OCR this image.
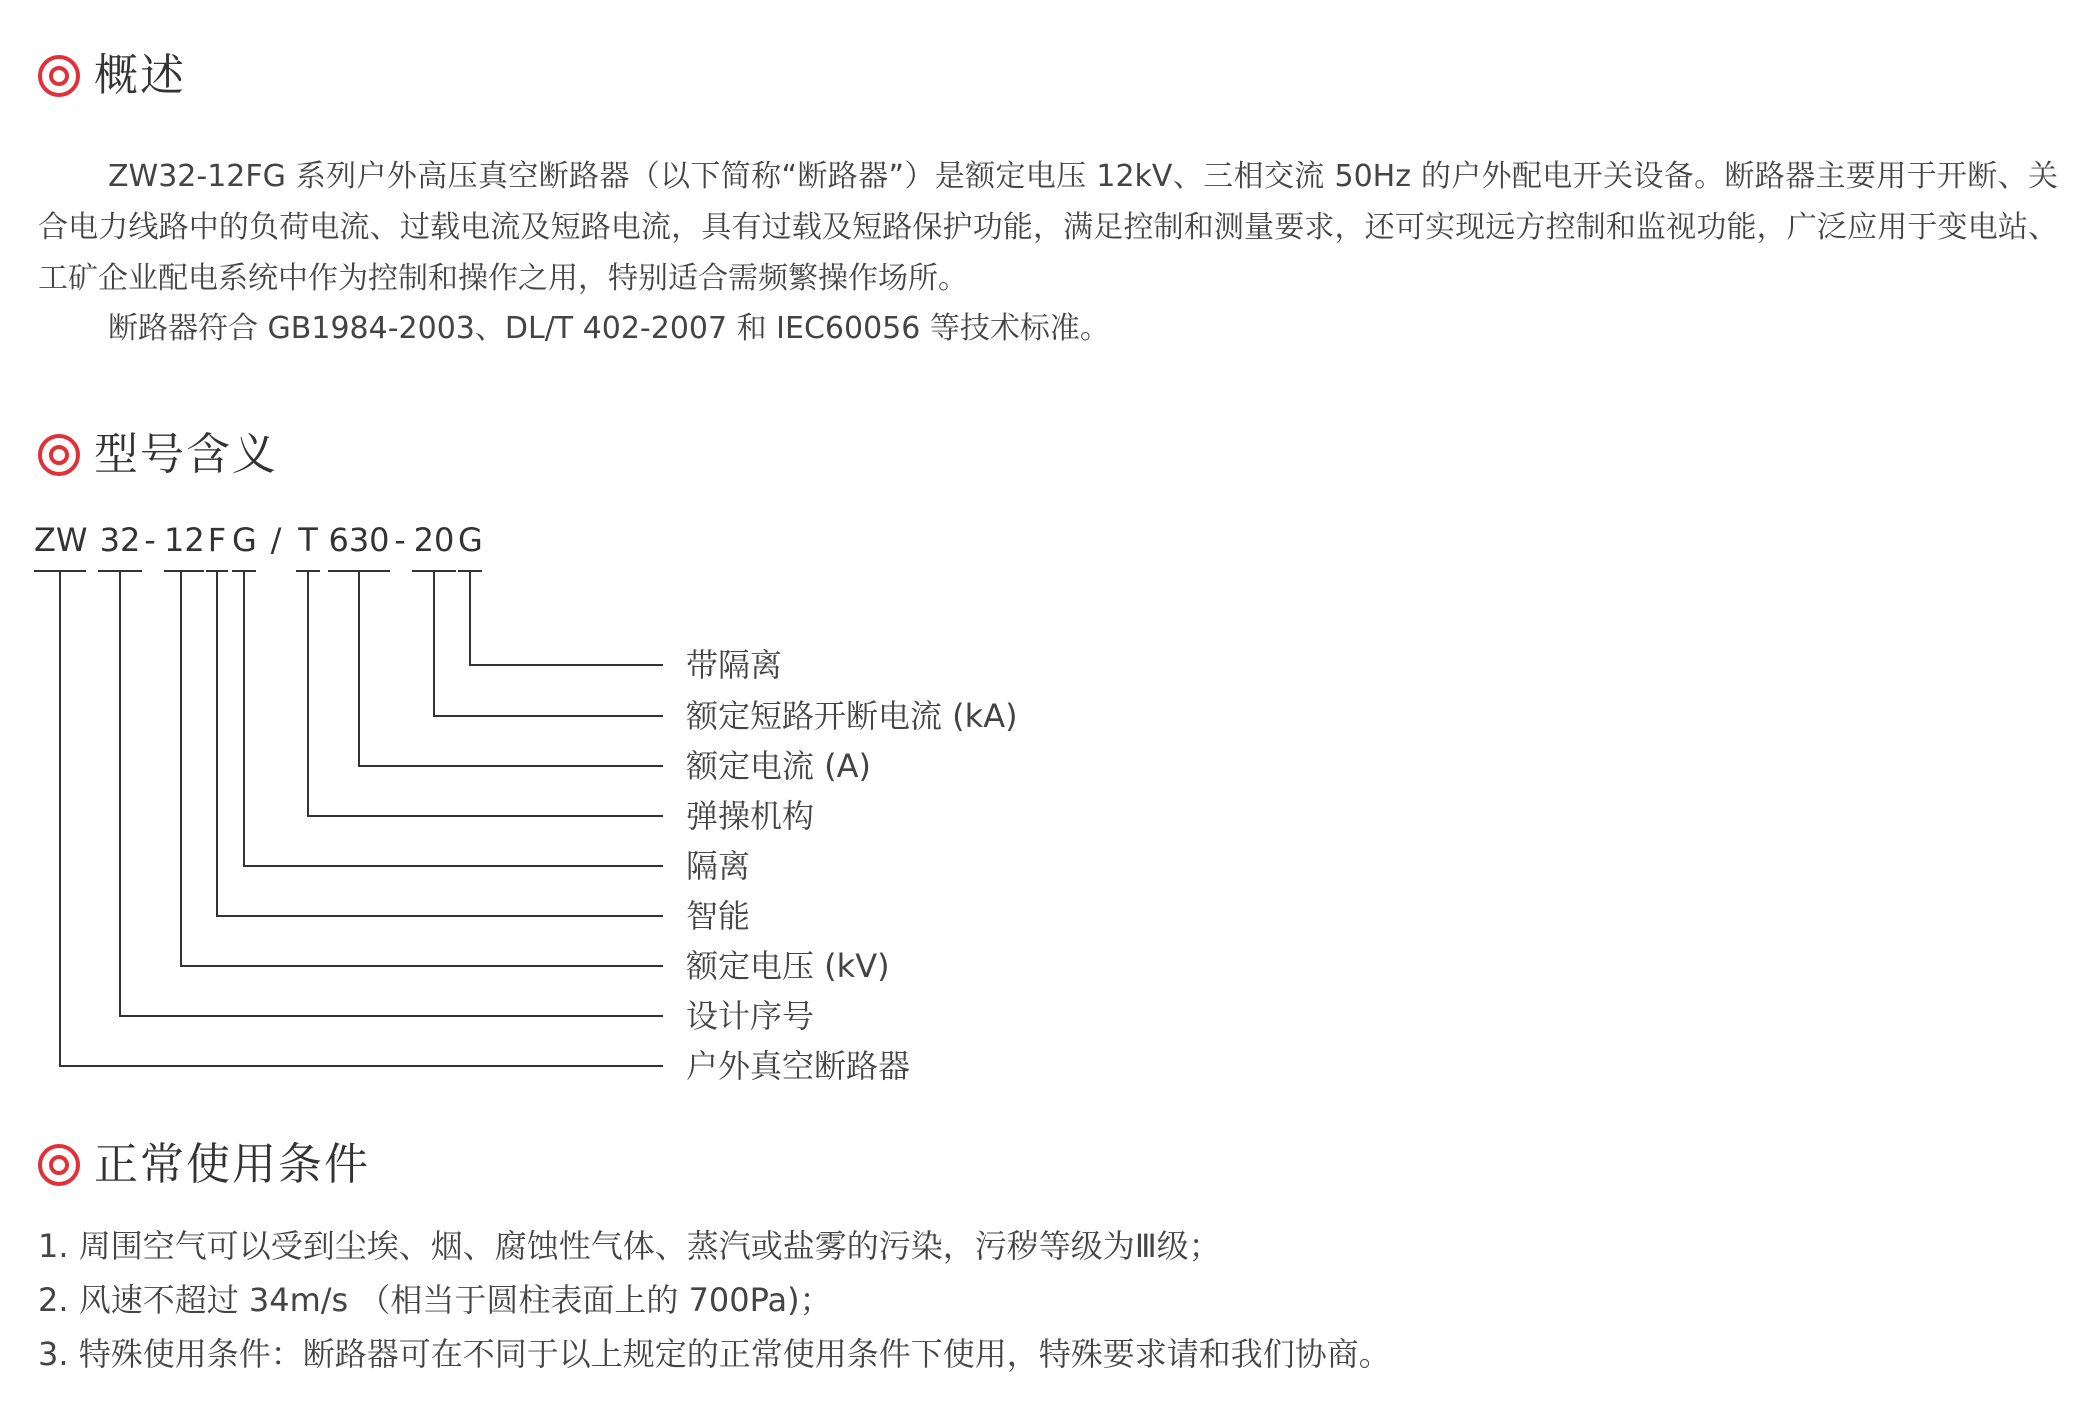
概述

ZW32-12FG 系列户外高压真空断路器（以下简称“断路器”）是额定电压 12kV、三相交流 50Hz 的户外配电开关设备。断路器主要用于开断、关合电力线路中的负荷电流、过载电流及短路电流，具有过载及短路保护功能，满足控制和测量要求，还可实现远方控制和监视功能，广泛应用于变电站、工矿企业配电系统中作为控制和操作之用，特别适合需频繁操作场所。

断路器符合 GB1984-2003、DL/T 402-2007 和 IEC60056 等技术标准。

型号含义
ZW 32 - 12 F G / T 630 - 20 G
带隔离
额定短路开断电流 (kA)
额定电流 (A)
弹操机构
隔离
智能
额定电压 (kV)
设计序号
户外真空断路器
正常使用条件
1. 周围空气可以受到尘埃、烟、腐蚀性气体、蒸汽或盐雾的污染，污秽等级为Ⅲ级；
2. 风速不超过 34m/s （相当于圆柱表面上的 700Pa)；
3. 特殊使用条件：断路器可在不同于以上规定的正常使用条件下使用，特殊要求请和我们协商。
